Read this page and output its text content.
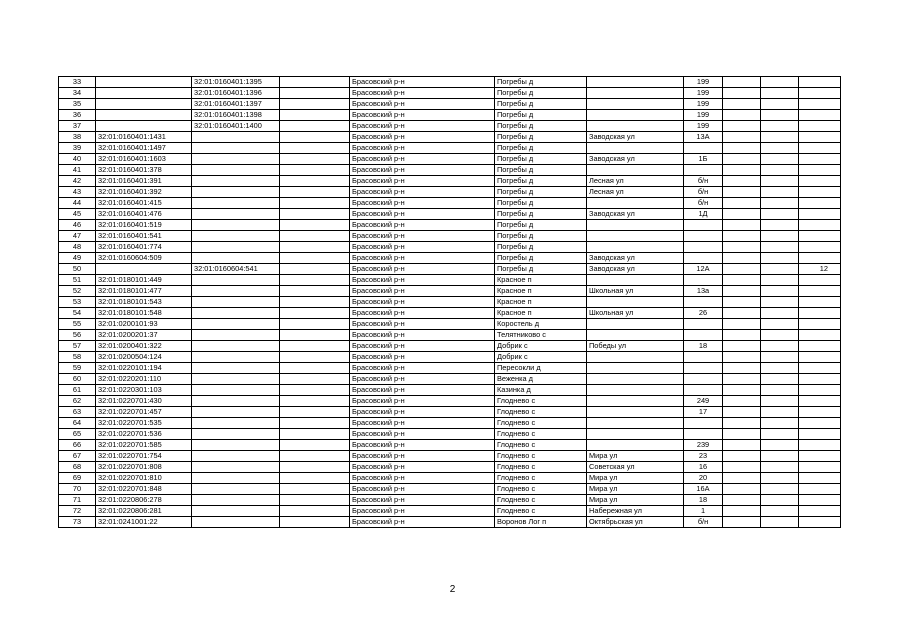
33		32:01:0160401:1395		Брасовский р-н	Погребы д		199			
34		32:01:0160401:1396		Брасовский р-н	Погребы д		199			
35		32:01:0160401:1397		Брасовский р-н	Погребы д		199			
36		32:01:0160401:1398		Брасовский р-н	Погребы д		199			
37		32:01:0160401:1400		Брасовский р-н	Погребы д		199			
38	32:01:0160401:1431			Брасовский р-н	Погребы д	Заводская ул	13А			
39	32:01:0160401:1497			Брасовский р-н	Погребы д					
40	32:01:0160401:1603			Брасовский р-н	Погребы д	Заводская ул	1Б			
41	32:01:0160401:378			Брасовский р-н	Погребы д					
42	32:01:0160401:391			Брасовский р-н	Погребы д	Лесная ул	б/н			
43	32:01:0160401:392			Брасовский р-н	Погребы д	Лесная ул	б/н			
44	32:01:0160401:415			Брасовский р-н	Погребы д		б/н			
45	32:01:0160401:476			Брасовский р-н	Погребы д	Заводская ул	1Д			
46	32:01:0160401:519			Брасовский р-н	Погребы д					
47	32:01:0160401:541			Брасовский р-н	Погребы д					
48	32:01:0160401:774			Брасовский р-н	Погребы д					
49	32:01:0160604:509			Брасовский р-н	Погребы д	Заводская ул				
50		32:01:0160604:541		Брасовский р-н	Погребы д	Заводская ул	12А			12
51	32:01:0180101:449			Брасовский р-н	Красное п					
52	32:01:0180101:477			Брасовский р-н	Красное п	Школьная ул	13а			
53	32:01:0180101:543			Брасовский р-н	Красное п					
54	32:01:0180101:548			Брасовский р-н	Красное п	Школьная ул	26			
55	32:01:0200101:93			Брасовский р-н	Коростель д					
56	32:01:0200201:37			Брасовский р-н	Телятниково с					
57	32:01:0200401:322			Брасовский р-н	Добрик с	Победы ул	18			
58	32:01:0200504:124			Брасовский р-н	Добрик с					
59	32:01:0220101:194			Брасовский р-н	Пересокли д					
60	32:01:0220201:110			Брасовский р-н	Веженка д					
61	32:01:0220301:103			Брасовский р-н	Казинка д					
62	32:01:0220701:430			Брасовский р-н	Глоднево с		249			
63	32:01:0220701:457			Брасовский р-н	Глоднево с		17			
64	32:01:0220701:535			Брасовский р-н	Глоднево с					
65	32:01:0220701:536			Брасовский р-н	Глоднево с					
66	32:01:0220701:585			Брасовский р-н	Глоднево с		239			
67	32:01:0220701:754			Брасовский р-н	Глоднево с	Мира ул	23			
68	32:01:0220701:808			Брасовский р-н	Глоднево с	Советская ул	16			
69	32:01:0220701:810			Брасовский р-н	Глоднево с	Мира ул	20			
70	32:01:0220701:848			Брасовский р-н	Глоднево с	Мира ул	16А			
71	32:01:0220806:278			Брасовский р-н	Глоднево с	Мира ул	18			
72	32:01:0220806:281			Брасовский р-н	Глоднево с	Набережная ул	1			
73	32:01:0241001:22			Брасовский р-н	Воронов Лог п	Октябрьская ул	б/н			
2
